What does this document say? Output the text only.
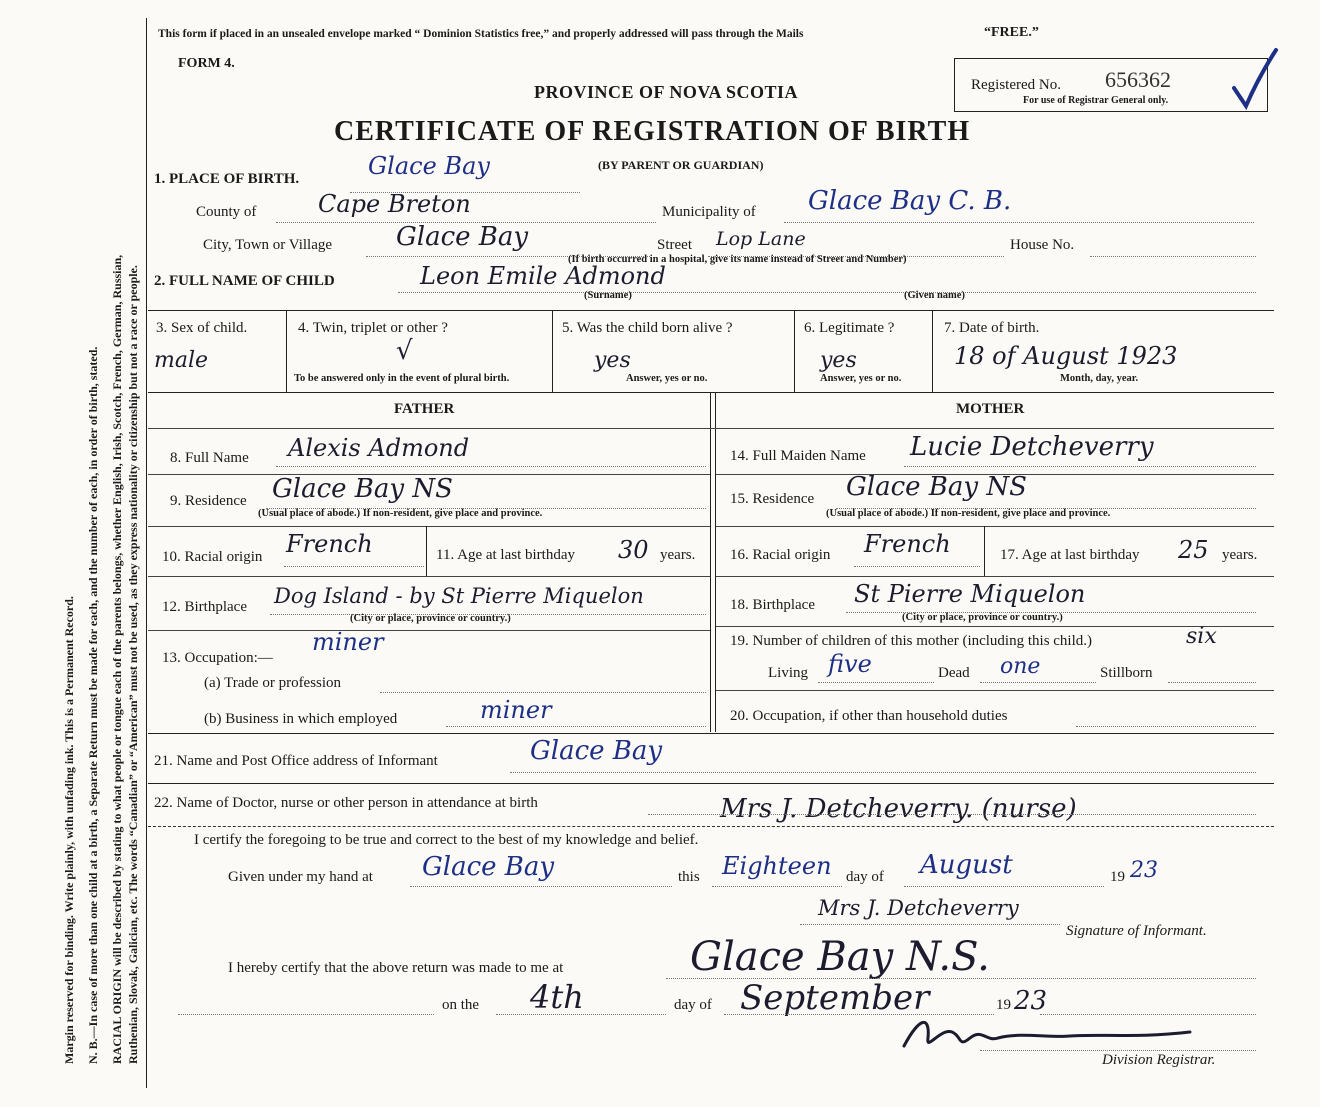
Margin reserved for binding. Write plainly, with unfading ink. This is a Permanent Record. N. B.—In case of more than one child at a birth, a Separate Return must be made for each, and the number of each, in order of birth, stated. RACIAL ORIGIN will be described by stating to what people or tongue each of the parents belongs, whether English, Irish, Scotch, French, German, Russian, Ruthenian, Slovak, Galician, etc. The words “Canadian” or “American” must not be used, as they express nationality or citizenship but not a race or people.
This form if placed in an unsealed envelope marked “ Dominion Statistics free,” and properly addressed will pass through the Mails	“FREE.”
FORM 4.
PROVINCE OF NOVA SCOTIA
CERTIFICATE OF REGISTRATION OF BIRTH
(BY PARENT OR GUARDIAN)
Registered No. 656362
For use of Registrar General only.
1. PLACE OF BIRTH.	Glace Bay
County of	Cape Breton	Municipality of Glace Bay C. B.
City, Town or Village Glace Bay	Street Lop Lane	House No.
(If birth occurred in a hospital, give its name instead of Street and Number)
2. FULL NAME OF CHILD	Leon Emile Admond
(Surname)	(Given name)
3. Sex of child.
male
4. Twin, triplet or other ?
√
To be answered only in the event of plural birth.
5. Was the child born alive ?
yes
Answer, yes or no.
6. Legitimate ?
yes
Answer, yes or no.
7. Date of birth.
18 of August 1923
Month, day, year.
FATHER	MOTHER
8. Full Name Alexis Admond
9. Residence Glace Bay NS
(Usual place of abode.) If non-resident, give place and province.
10. Racial origin French	11. Age at last birthday 30 years.
12. Birthplace Dog Island - by St Pierre Miquelon
(City or place, province or country.)
13. Occupation:—
miner
(a) Trade or profession
(b) Business in which employed	miner
14. Full Maiden Name Lucie Detcheverry
15. Residence Glace Bay NS
(Usual place of abode.) If non-resident, give place and province.
16. Racial origin French	17. Age at last birthday 25 years.
18. Birthplace St Pierre Miquelon
(City or place, province or country.)
19. Number of children of this mother (including this child.)	six
Living five	Dead one	Stillborn
20. Occupation, if other than household duties
21. Name and Post Office address of Informant	Glace Bay
22. Name of Doctor, nurse or other person in attendance at birth	Mrs J. Detcheverry. (nurse)
I certify the foregoing to be true and correct to the best of my knowledge and belief.
Given under my hand at Glace Bay	this Eighteen day of August	19 23
Mrs J. Detcheverry
Signature of Informant.
I hereby certify that the above return was made to me at	Glace Bay N.S.
on the 4th	day of September	19 23
Division Registrar.
